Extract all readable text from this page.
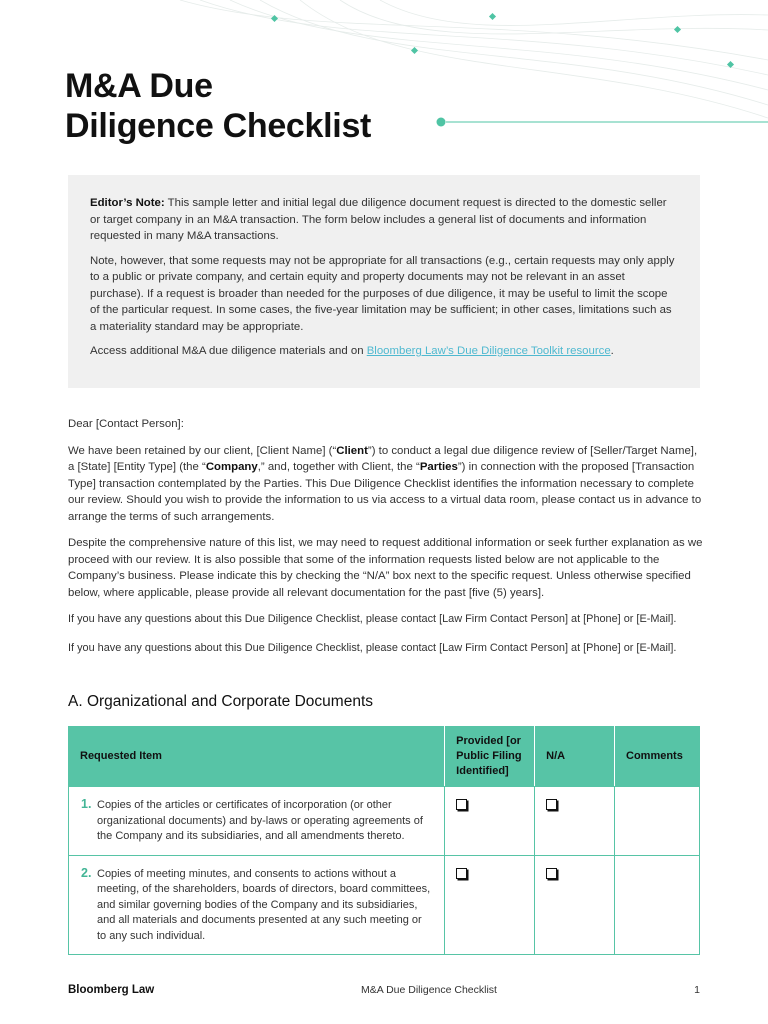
M&A Due
Diligence Checklist

Editor’s Note: This sample letter and initial legal due diligence document request is directed to the domestic seller or target company in an M&A transaction. The form below includes a general list of documents and information requested in many M&A transactions.

Note, however, that some requests may not be appropriate for all transactions (e.g., certain requests may only apply to a public or private company, and certain equity and property documents may not be relevant in an asset purchase). If a request is broader than needed for the purposes of due diligence, it may be useful to limit the scope of the particular request. In some cases, the five-year limitation may be sufficient; in other cases, limitations such as a materiality standard may be appropriate.

Access additional M&A due diligence materials and on Bloomberg Law’s Due Diligence Toolkit resource.

Dear [Contact Person]:

We have been retained by our client, [Client Name] (“Client”) to conduct a legal due diligence review of [Seller/Target Name], a [State] [Entity Type] (the “Company,” and, together with Client, the “Parties”) in connection with the proposed [Transaction Type] transaction contemplated by the Parties. This Due Diligence Checklist identifies the information necessary to complete our review. Should you wish to provide the information to us via access to a virtual data room, please contact us in advance to arrange the terms of such arrangements.

Despite the comprehensive nature of this list, we may need to request additional information or seek further explanation as we proceed with our review. It is also possible that some of the information requests listed below are not applicable to the Company’s business. Please indicate this by checking the “N/A” box next to the specific request. Unless otherwise specified below, where applicable, please provide all relevant documentation for the past [five (5) years].

If you have any questions about this Due Diligence Checklist, please contact [Law Firm Contact Person] at [Phone] or [E-Mail].

If you have any questions about this Due Diligence Checklist, please contact [Law Firm Contact Person] at [Phone] or [E-Mail].

A. Organizational and Corporate Documents
Requested Item	Provided [or Public Filing Identified]	N/A	Comments
1. Copies of the articles or certificates of incorporation (or other organizational documents) and by-laws or operating agreements of the Company and its subsidiaries, and all amendments thereto.			

2. Copies of meeting minutes, and consents to actions without a meeting, of the shareholders, boards of directors, board committees, and similar governing bodies of the Company and its subsidiaries, and all materials and documents presented at any such meeting or to any such individual.			

Bloomberg Law	M&A Due Diligence Checklist	1
